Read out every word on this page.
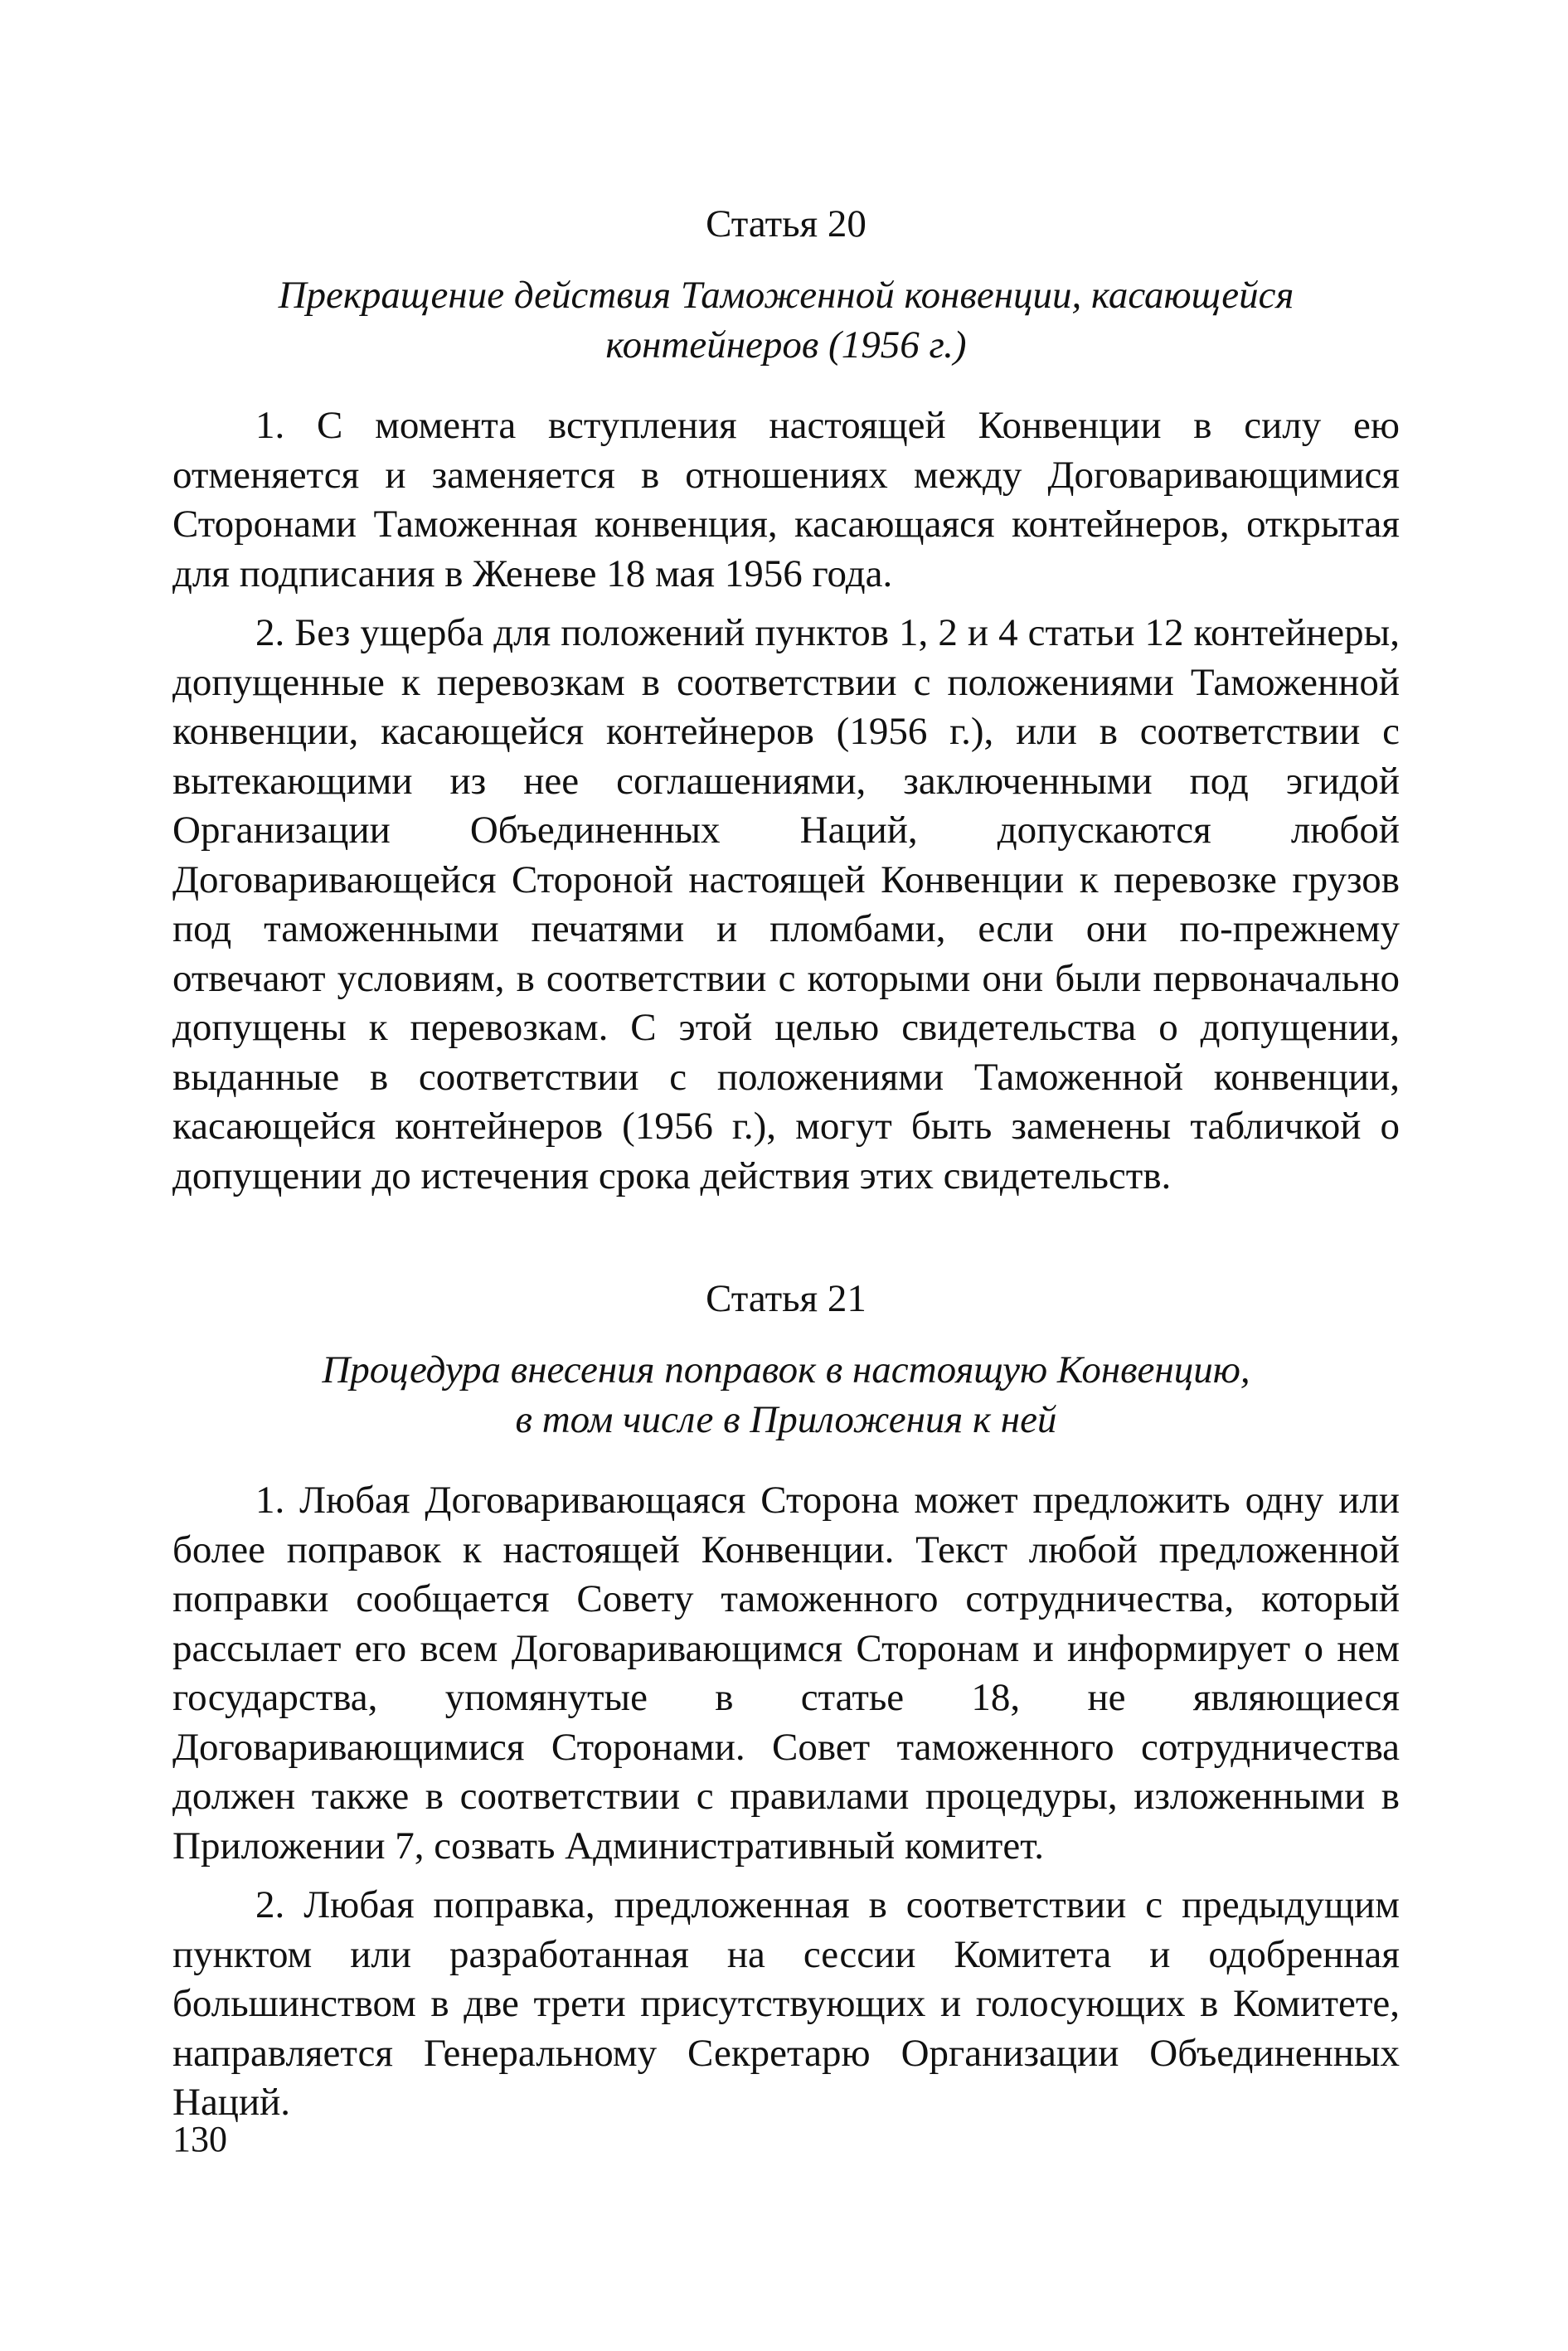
Статья 20
Прекращение действия Таможенной конвенции, касающейся
контейнеров (1956 г.)

1. С момента вступления настоящей Конвенции в силу ею отменяется и заменяется в отношениях между Договаривающимися Сторонами Таможенная конвенция, касающаяся контейнеров, открытая для подписания в Женеве 18 мая 1956 года.

2. Без ущерба для положений пунктов 1, 2 и 4 статьи 12 контейнеры, допущенные к перевозкам в соответствии с положениями Таможенной конвенции, касающейся контейнеров (1956 г.), или в соответствии с вытекающими из нее соглашениями, заключенными под эгидой Организации Объединенных Наций, допускаются любой Договаривающейся Стороной настоящей Конвенции к перевозке грузов под таможенными печатями и пломбами, если они по-прежнему отвечают условиям, в соответствии с которыми они были первоначально допущены к перевозкам. С этой целью свидетельства о допущении, выданные в соответствии с положениями Таможенной конвенции, касающейся контейнеров (1956 г.), могут быть заменены табличкой о допущении до истечения срока действия этих свидетельств.

Статья 21
Процедура внесения поправок в настоящую Конвенцию,
в том числе в Приложения к ней

1. Любая Договаривающаяся Сторона может предложить одну или более поправок к настоящей Конвенции. Текст любой предложенной поправки сообщается Совету таможенного сотрудничества, который рассылает его всем Договаривающимся Сторонам и информирует о нем государства, упомянутые в статье 18, не являющиеся Договаривающимися Сторонами. Совет таможенного сотрудничества должен также в соответствии с правилами процедуры, изложенными в Приложении 7, созвать Административный комитет.

2. Любая поправка, предложенная в соответствии с предыдущим пунктом или разработанная на сессии Комитета и одобренная большинством в две трети присутствующих и голосующих в Комитете, направляется Генеральному Секретарю Организации Объединенных Наций.

130
